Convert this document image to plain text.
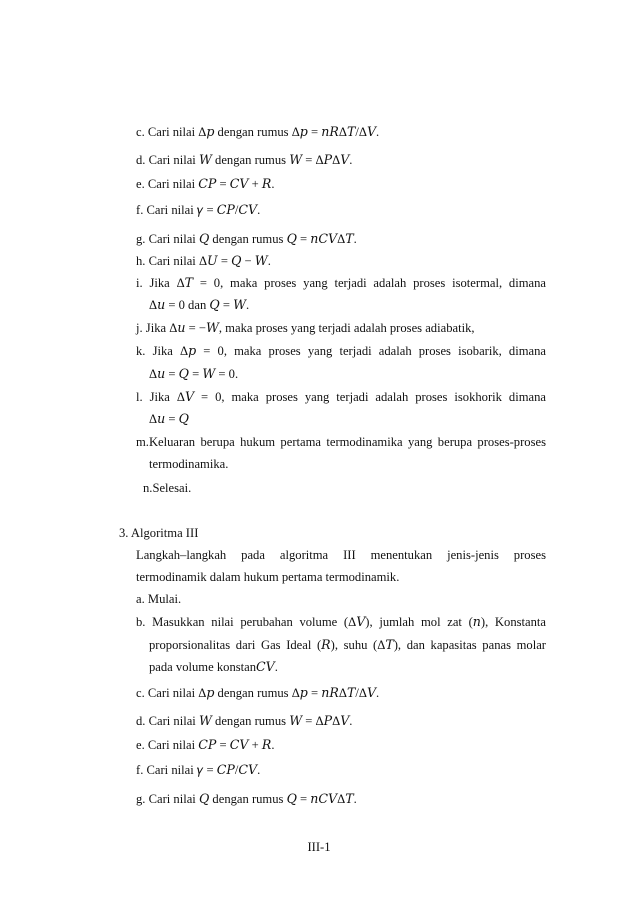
c. Cari nilai Δ𝑝 dengan rumus Δ𝑝 = 𝑛𝑅Δ𝑇/Δ𝑉.
d. Cari nilai 𝑊 dengan rumus 𝑊 = Δ𝑃Δ𝑉.
e. Cari nilai 𝐶𝑃 = 𝐶𝑉 + 𝑅.
f. Cari nilai 𝛾 = 𝐶𝑃/𝐶𝑉.
g. Cari nilai 𝑄 dengan rumus 𝑄 = 𝑛𝐶𝑉Δ𝑇.
h. Cari nilai Δ𝑈 = 𝑄 − 𝑊.
i. Jika Δ𝑇 = 0, maka proses yang terjadi adalah proses isotermal, dimana
Δ𝑢 = 0 dan 𝑄 = 𝑊.
j. Jika Δ𝑢 = −𝑊, maka proses yang terjadi adalah proses adiabatik,
k. Jika Δ𝑝 = 0, maka proses yang terjadi adalah proses isobarik, dimana
Δ𝑢 = 𝑄 = 𝑊 = 0.
l. Jika Δ𝑉 = 0, maka proses yang terjadi adalah proses isokhorik dimana
Δ𝑢 = 𝑄
m.Keluaran berupa hukum pertama termodinamika yang berupa proses-proses
termodinamika.
n.Selesai.
3. Algoritma III
Langkah–langkah pada algoritma III menentukan jenis-jenis proses
termodinamik dalam hukum pertama termodinamik.
a. Mulai.
b. Masukkan nilai perubahan volume (Δ𝑉), jumlah mol zat (𝑛), Konstanta
proporsionalitas dari Gas Ideal (𝑅), suhu (Δ𝑇), dan kapasitas panas molar
pada volume konstan𝐶𝑉.
c. Cari nilai Δ𝑝 dengan rumus Δ𝑝 = 𝑛𝑅Δ𝑇/Δ𝑉.
d. Cari nilai 𝑊 dengan rumus 𝑊 = Δ𝑃Δ𝑉.
e. Cari nilai 𝐶𝑃 = 𝐶𝑉 + 𝑅.
f. Cari nilai 𝛾 = 𝐶𝑃/𝐶𝑉.
g. Cari nilai 𝑄 dengan rumus 𝑄 = 𝑛𝐶𝑉Δ𝑇.
III-1
